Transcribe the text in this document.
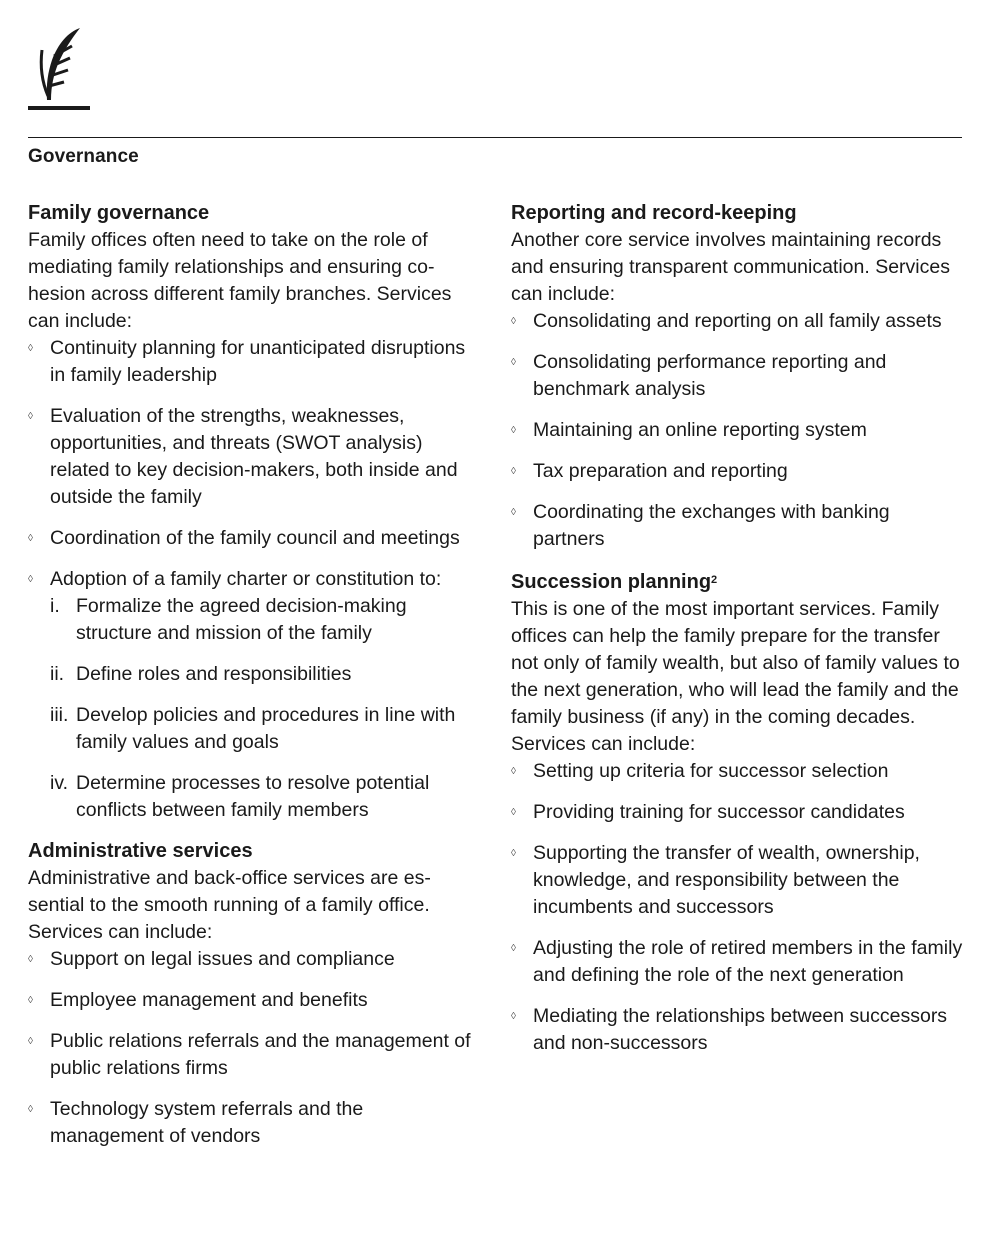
Governance
Family governance

Family offices often need to take on the role of mediating family relationships and ensuring co-hesion across different family branches. Services can include:

◊ Continuity planning for unanticipated disruptions in family leadership
◊ Evaluation of the strengths, weaknesses, opportunities, and threats (SWOT analysis) related to key decision-makers, both inside and outside the family
◊ Coordination of the family council and meetings
◊ Adoption of a family charter or constitution to:
i. Formalize the agreed decision-making structure and mission of the family
ii. Define roles and responsibilities
iii. Develop policies and procedures in line with family values and goals
iv. Determine processes to resolve potential conflicts between family members
Administrative services

Administrative and back-office services are es-sential to the smooth running of a family office. Services can include:

◊ Support on legal issues and compliance
◊ Employee management and benefits
◊ Public relations referrals and the management of public relations firms
◊ Technology system referrals and the management of vendors
Reporting and record-keeping

Another core service involves maintaining records and ensuring transparent communication. Services can include:

◊ Consolidating and reporting on all family assets
◊ Consolidating performance reporting and benchmark analysis
◊ Maintaining an online reporting system
◊ Tax preparation and reporting
◊ Coordinating the exchanges with banking partners
Succession planning$^2$

This is one of the most important services. Family offices can help the family prepare for the transfer not only of family wealth, but also of family values to the next generation, who will lead the family and the family business (if any) in the coming decades. Services can include:

◊ Setting up criteria for successor selection
◊ Providing training for successor candidates
◊ Supporting the transfer of wealth, ownership, knowledge, and responsibility between the incumbents and successors
◊ Adjusting the role of retired members in the family and defining the role of the next generation
◊ Mediating the relationships between successors and non-successors
